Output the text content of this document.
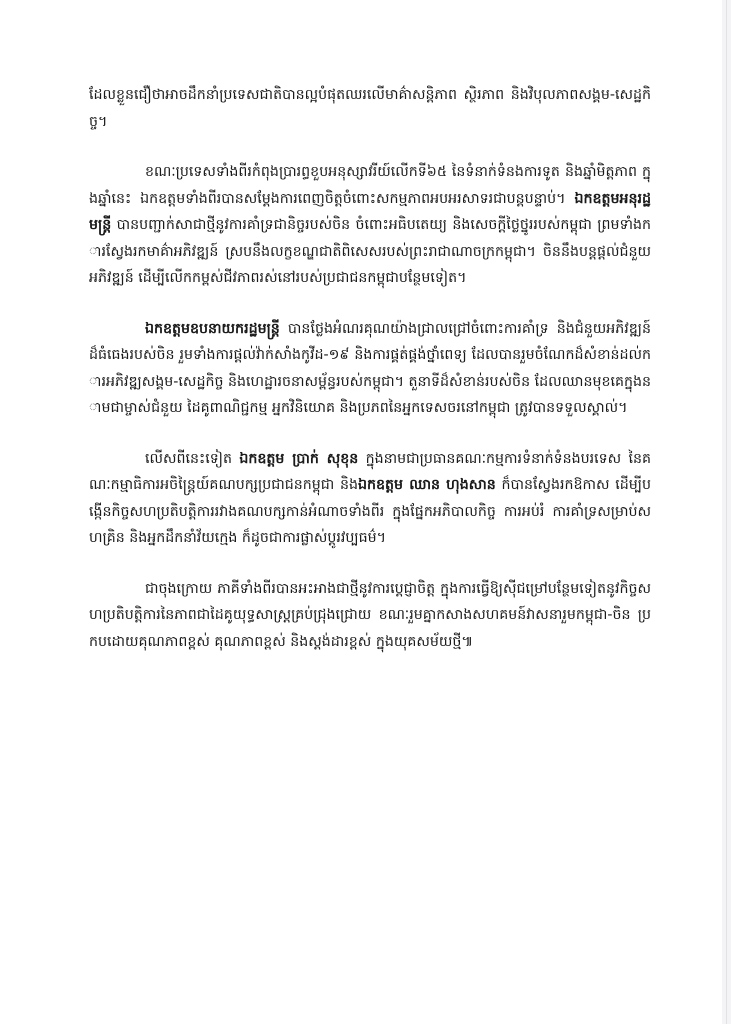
ដែលខ្លួនជឿថាអាចដឹកនាំប្រទេសជាតិបានល្អបំផុតឈរលើមាគ៌ាសន្តិភាព ស្ថិរភាព និងវិបុលភាពសង្គម-សេដ្ឋកិច្ច។

ខណៈប្រទេសទាំងពីរកំពុងប្រារព្ធខួបអនុស្សាវរីយ៍លើកទី៦៥ នៃទំនាក់ទំនងការទូត និងឆ្នាំមិត្តភាព ក្នុងឆ្នាំនេះ ឯកឧត្តមទាំងពីរបានសម្តែងការពេញចិត្តចំពោះសកម្មភាពអបអរសាទរជាបន្តបន្ទាប់។ ឯកឧត្តមអនុរដ្ឋមន្ត្រី បានបញ្ជាក់សាជាថ្មីនូវការគាំទ្រជានិច្ចរបស់ចិន ចំពោះអធិបតេយ្យ និងសេចក្តីថ្លៃថ្នូររបស់កម្ពុជា ព្រមទាំងការស្វែងរកមាគ៌ាអភិវឌ្ឍន៍ ស្របនឹងលក្ខខណ្ឌជាតិពិសេសរបស់ព្រះរាជាណាចក្រកម្ពុជា។ ចិននឹងបន្តផ្តល់ជំនួយអភិវឌ្ឍន៍ ដើម្បីលើកកម្ពស់ជីវភាពរស់នៅរបស់ប្រជាជនកម្ពុជាបន្ថែមទៀត។

ឯកឧត្តមឧបនាយករដ្ឋមន្ត្រី បានថ្លែងអំណរគុណយ៉ាងជ្រាលជ្រៅចំពោះការគាំទ្រ និងជំនួយអភិវឌ្ឍន៍ដ៏ធំធេងរបស់ចិន រួមទាំងការផ្តល់វ៉ាក់សាំងកូវីដ-១៩ និងការផ្គត់ផ្គង់ថ្នាំពេទ្យ ដែលបានរួមចំណែកដ៏សំខាន់ដល់ការអភិវឌ្ឍសង្គម-សេដ្ឋកិច្ច និងហេដ្ឋារចនាសម្ព័ន្ធរបស់កម្ពុជា។ តួនាទីដ៏សំខាន់របស់ចិន ដែលឈានមុខគេក្នុងនាមជាម្ចាស់ជំនួយ ដៃគូពាណិជ្ជកម្ម អ្នកវិនិយោគ និងប្រភពនៃអ្នកទេសចរនៅកម្ពុជា ត្រូវបានទទួលស្គាល់។

លើសពីនេះទៀត ឯកឧត្តម ប្រាក់ សុខុន ក្នុងនាមជាប្រធានគណៈកម្មការទំនាក់ទំនងបរទេស នៃគណៈកម្មាធិការអចិន្ត្រៃយ៍គណបក្សប្រជាជនកម្ពុជា និងឯកឧត្តម ឈាន ហុងសាន ក៏បានស្វែងរកឱកាស ដើម្បីបង្កើនកិច្ចសហប្រតិបត្តិការរវាងគណបក្សកាន់អំណាចទាំងពីរ ក្នុងផ្នែកអភិបាលកិច្ច ការអប់រំ ការគាំទ្រសម្រាប់សហគ្រិន និងអ្នកដឹកនាំវ័យក្មេង ក៏ដូចជាការផ្លាស់ប្តូរវប្បធម៌។

ជាចុងក្រោយ ភាគីទាំងពីរបានអះអាងជាថ្មីនូវការប្តេជ្ញាចិត្ត ក្នុងការធ្វើឱ្យស៊ីជម្រៅបន្ថែមទៀតនូវកិច្ចសហប្រតិបត្តិការនៃភាពជាដៃគូយុទ្ធសាស្ត្រគ្រប់ជ្រុងជ្រោយ ខណៈរួមគ្នាកសាងសហគមន៍វាសនារួមកម្ពុជា-ចិន ប្រកបដោយគុណភាពខ្ពស់ គុណភាពខ្ពស់ និងស្តង់ដារខ្ពស់ ក្នុងយុគសម័យថ្មី៕
